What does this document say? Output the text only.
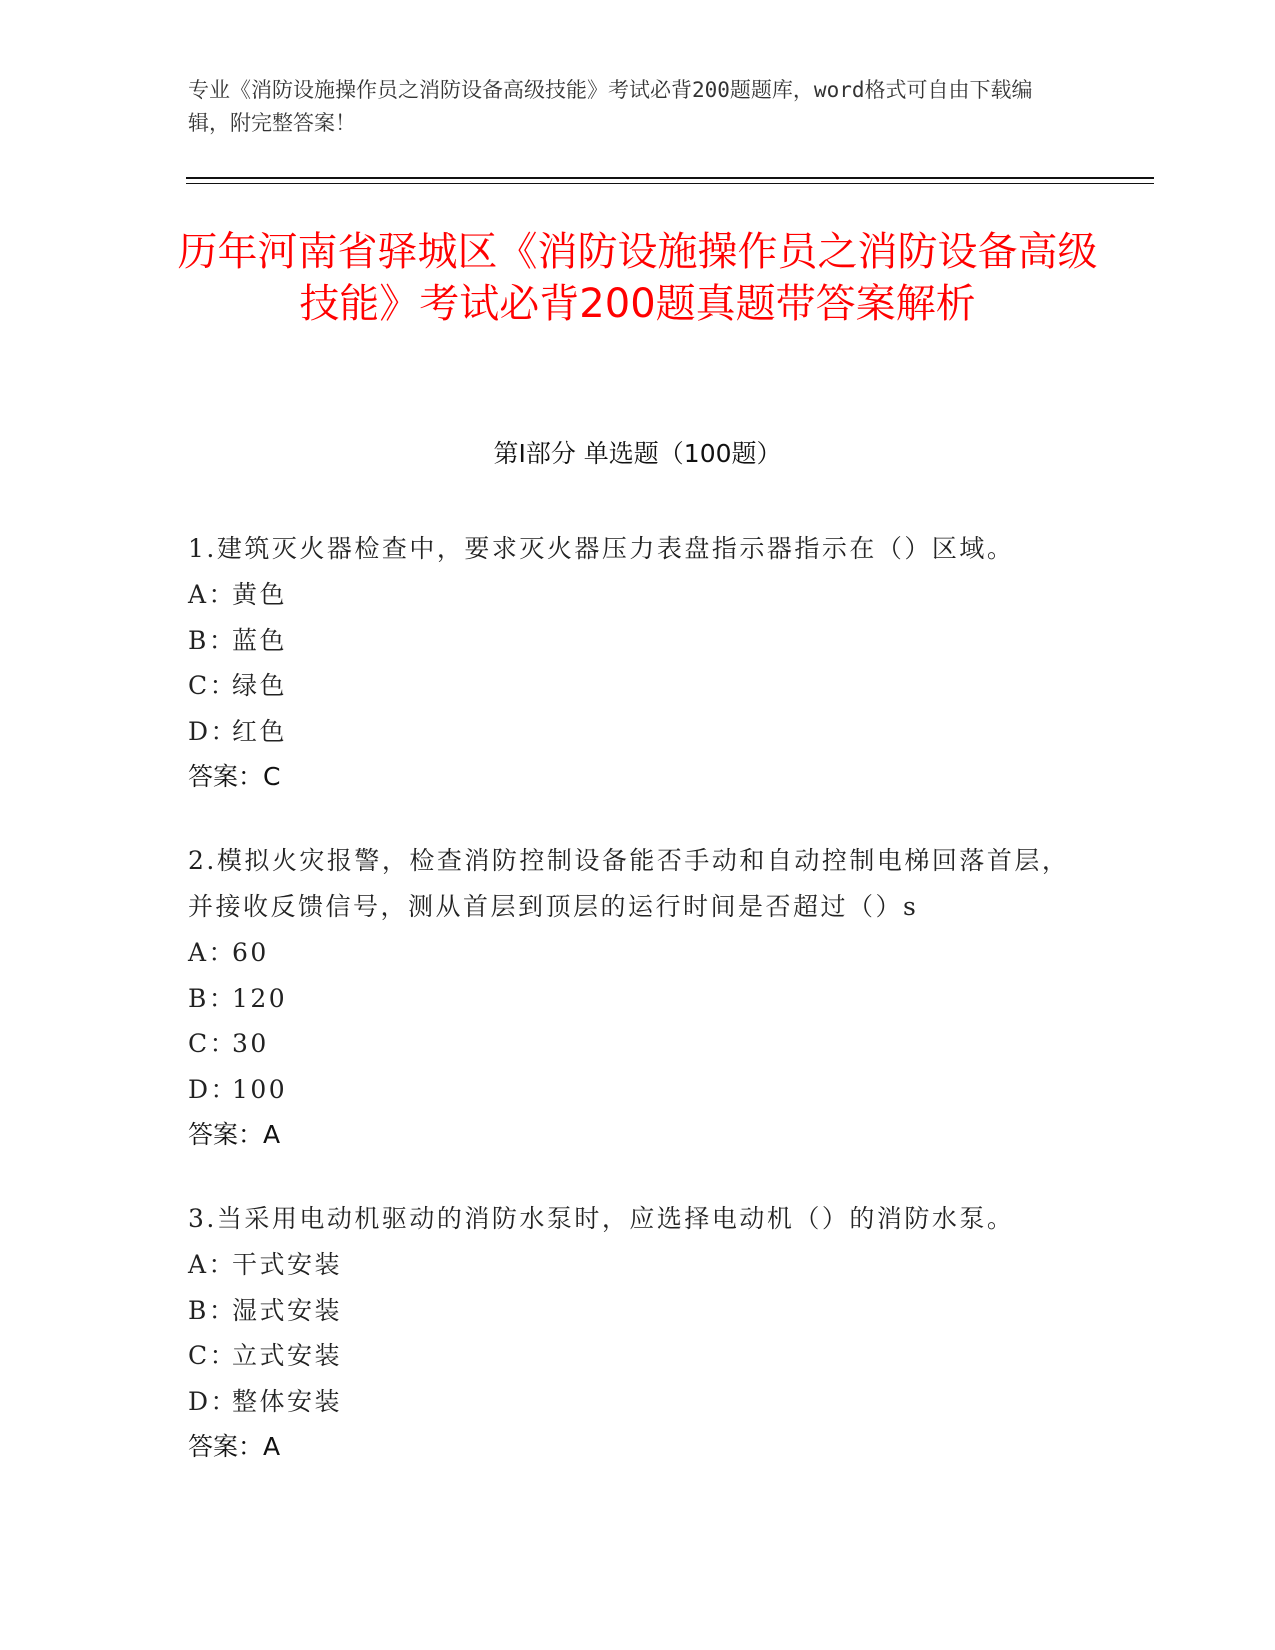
专业《消防设施操作员之消防设备高级技能》考试必背200题题库，word格式可自由下载编辑，附完整答案！
历年河南省驿城区《消防设施操作员之消防设备高级技能》考试必背200题真题带答案解析
第Ⅰ部分 单选题（100题）
1.建筑灭火器检查中，要求灭火器压力表盘指示器指示在（）区域。
A：黄色
B：蓝色
C：绿色
D：红色
答案：C
2.模拟火灾报警，检查消防控制设备能否手动和自动控制电梯回落首层，并接收反馈信号，测从首层到顶层的运行时间是否超过（）s
A：60
B：120
C：30
D：100
答案：A
3.当采用电动机驱动的消防水泵时，应选择电动机（）的消防水泵。
A：干式安装
B：湿式安装
C：立式安装
D：整体安装
答案：A
